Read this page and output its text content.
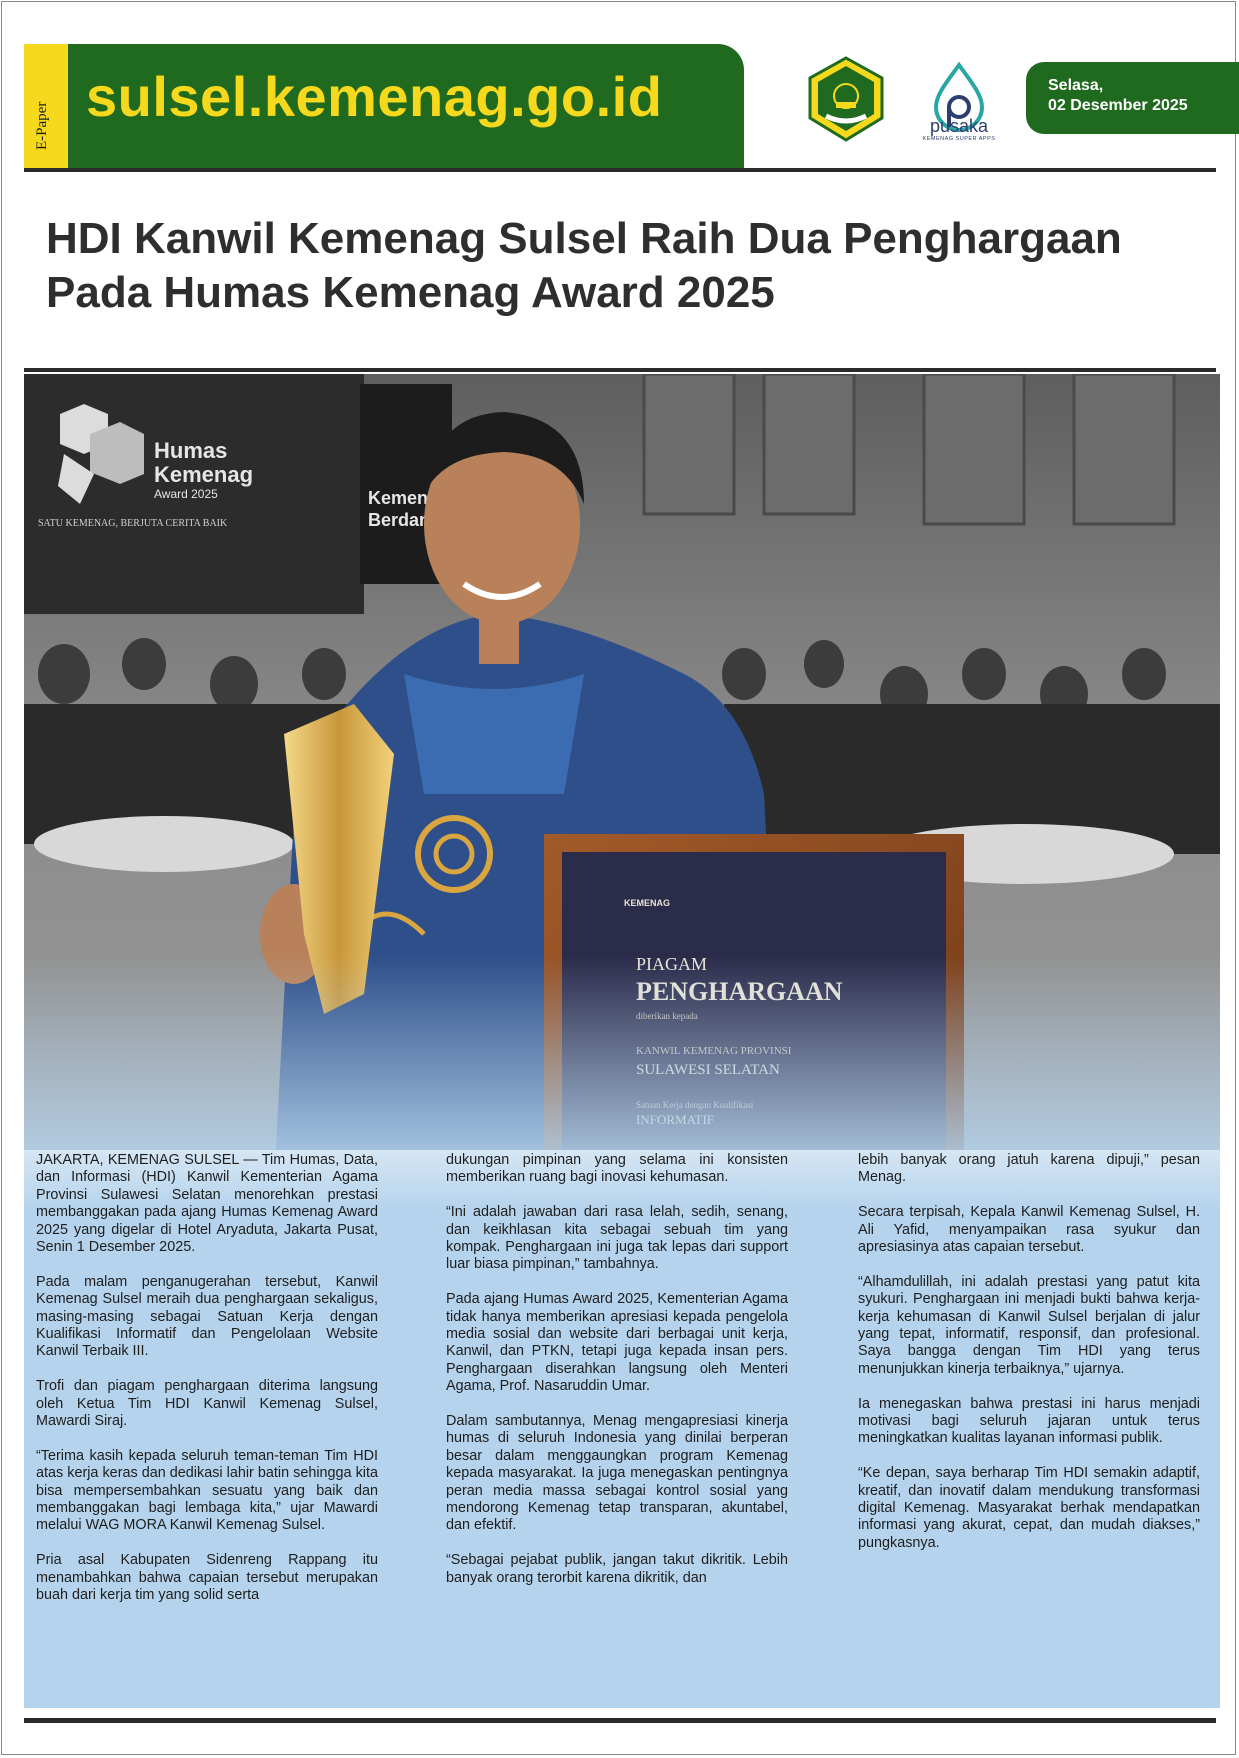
E-Paper sulsel.kemenag.go.id	pusaka
KEMENAG SUPER APPS
Selasa,
02 Desember 2025
HDI Kanwil Kemenag Sulsel Raih Dua Penghargaan
Pada Humas Kemenag Award 2025

JAKARTA, KEMENAG SULSEL — Tim Humas, Data, dan Informasi (HDI) Kanwil Kementerian Agama Provinsi Sulawesi Selatan menorehkan prestasi membanggakan pada ajang Humas Kemenag Award 2025 yang digelar di Hotel Aryaduta, Jakarta Pusat, Senin 1 Desember 2025.

Pada malam penganugerahan tersebut, Kanwil Kemenag Sulsel meraih dua penghargaan sekaligus, masing-masing sebagai Satuan Kerja dengan Kualifikasi Informatif dan Pengelolaan Website Kanwil Terbaik III.

Trofi dan piagam penghargaan diterima langsung oleh Ketua Tim HDI Kanwil Kemenag Sulsel, Mawardi Siraj.

“Terima kasih kepada seluruh teman-teman Tim HDI atas kerja keras dan dedikasi lahir batin sehingga kita bisa mempersembahkan sesuatu yang baik dan membanggakan bagi lembaga kita,” ujar Mawardi melalui WAG MORA Kanwil Kemenag Sulsel.

Pria asal Kabupaten Sidenreng Rappang itu menambahkan bahwa capaian tersebut merupakan buah dari kerja tim yang solid serta

dukungan pimpinan yang selama ini konsisten memberikan ruang bagi inovasi kehumasan.

“Ini adalah jawaban dari rasa lelah, sedih, senang, dan keikhlasan kita sebagai sebuah tim yang kompak. Penghargaan ini juga tak lepas dari support luar biasa pimpinan,” tambahnya.

Pada ajang Humas Award 2025, Kementerian Agama tidak hanya memberikan apresiasi kepada pengelola media sosial dan website dari berbagai unit kerja, Kanwil, dan PTKN, tetapi juga kepada insan pers. Penghargaan diserahkan langsung oleh Menteri Agama, Prof. Nasaruddin Umar.

Dalam sambutannya, Menag mengapresiasi kinerja humas di seluruh Indonesia yang dinilai berperan besar dalam menggaungkan program Kemenag kepada masyarakat. Ia juga menegaskan pentingnya peran media massa sebagai kontrol sosial yang mendorong Kemenag tetap transparan, akuntabel, dan efektif.

“Sebagai pejabat publik, jangan takut dikritik. Lebih banyak orang terorbit karena dikritik, dan

lebih banyak orang jatuh karena dipuji,” pesan Menag.

Secara terpisah, Kepala Kanwil Kemenag Sulsel, H. Ali Yafid, menyampaikan rasa syukur dan apresiasinya atas capaian tersebut.

“Alhamdulillah, ini adalah prestasi yang patut kita syukuri. Penghargaan ini menjadi bukti bahwa kerja-kerja kehumasan di Kanwil Sulsel berjalan di jalur yang tepat, informatif, responsif, dan profesional. Saya bangga dengan Tim HDI yang terus menunjukkan kinerja terbaiknya,” ujarnya.

Ia menegaskan bahwa prestasi ini harus menjadi motivasi bagi seluruh jajaran untuk terus meningkatkan kualitas layanan informasi publik.

“Ke depan, saya berharap Tim HDI semakin adaptif, kreatif, dan inovatif dalam mendukung transformasi digital Kemenag. Masyarakat berhak mendapatkan informasi yang akurat, cepat, dan mudah diakses,” pungkasnya.
